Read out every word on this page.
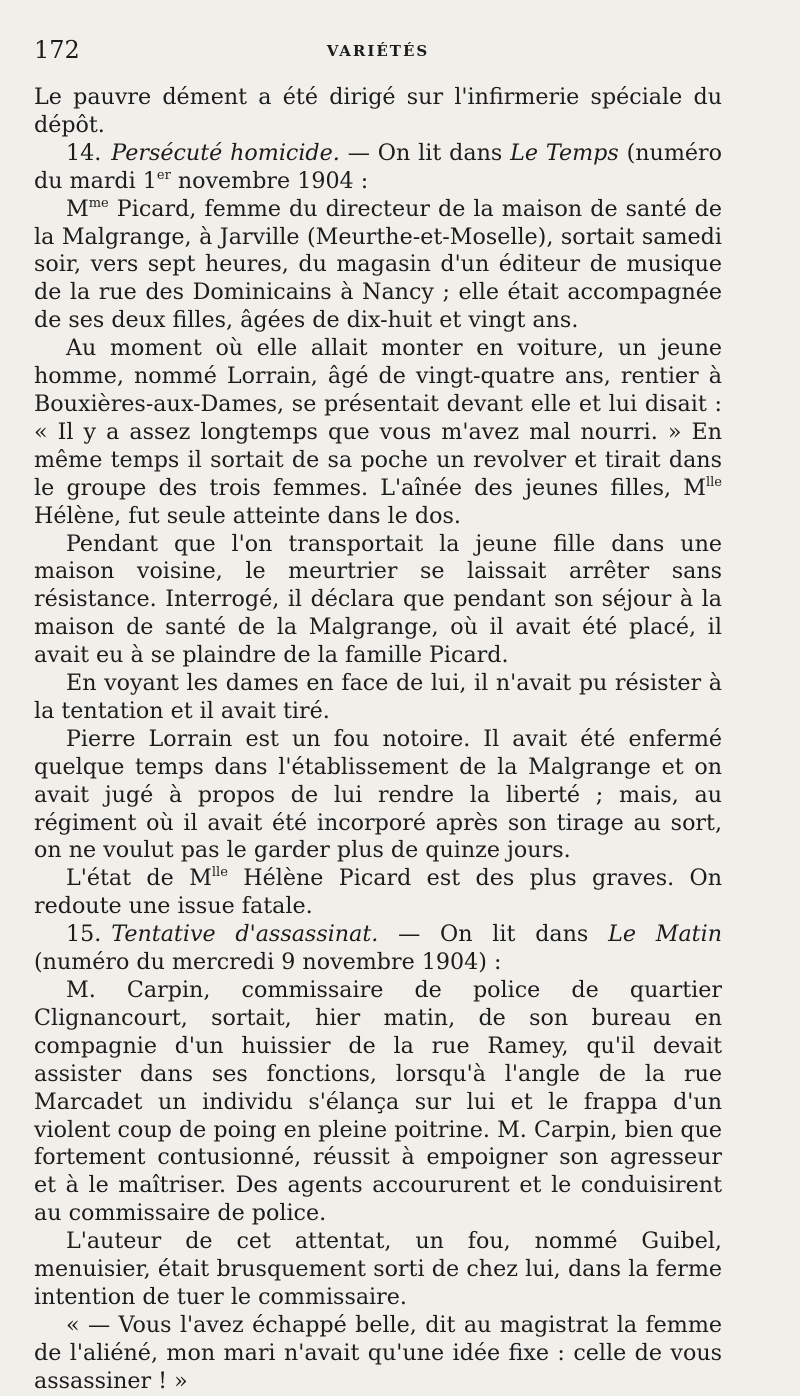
172	VARIÉTÉS

Le pauvre dément a été dirigé sur l'infirmerie spéciale du dépôt.

14. Persécuté homicide. — On lit dans Le Temps (numéro du mardi 1er novembre 1904 :

$M^{me}$ Picard, femme du directeur de la maison de santé de la Malgrange, à Jarville (Meurthe-et-Moselle), sortait samedi soir, vers sept heures, du magasin d'un éditeur de musique de la rue des Dominicains à Nancy ; elle était accompagnée de ses deux filles, âgées de dix-huit et vingt ans.

Au moment où elle allait monter en voiture, un jeune homme, nommé Lorrain, âgé de vingt-quatre ans, rentier à Bouxières-aux-Dames, se présentait devant elle et lui disait : « Il y a assez longtemps que vous m'avez mal nourri. » En même temps il sortait de sa poche un revolver et tirait dans le groupe des trois femmes. L'aînée des jeunes filles, $M^{lle}$ Hélène, fut seule atteinte dans le dos.

Pendant que l'on transportait la jeune fille dans une maison voisine, le meurtrier se laissait arrêter sans résistance. Interrogé, il déclara que pendant son séjour à la maison de santé de la Malgrange, où il avait été placé, il avait eu à se plaindre de la famille Picard.

En voyant les dames en face de lui, il n'avait pu résister à la tentation et il avait tiré.

Pierre Lorrain est un fou notoire. Il avait été enfermé quelque temps dans l'établissement de la Malgrange et on avait jugé à propos de lui rendre la liberté ; mais, au régiment où il avait été incorporé après son tirage au sort, on ne voulut pas le garder plus de quinze jours.

L'état de $M^{lle}$ Hélène Picard est des plus graves. On redoute une issue fatale.

15. Tentative d'assassinat. — On lit dans Le Matin (numéro du mercredi 9 novembre 1904) :

M. Carpin, commissaire de police de quartier Clignancourt, sortait, hier matin, de son bureau en compagnie d'un huissier de la rue Ramey, qu'il devait assister dans ses fonctions, lorsqu'à l'angle de la rue Marcadet un individu s'élança sur lui et le frappa d'un violent coup de poing en pleine poitrine. M. Carpin, bien que fortement contusionné, réussit à empoigner son agresseur et à le maîtriser. Des agents accoururent et le conduisirent au commissaire de police.

L'auteur de cet attentat, un fou, nommé Guibel, menuisier, était brusquement sorti de chez lui, dans la ferme intention de tuer le commissaire.

« — Vous l'avez échappé belle, dit au magistrat la femme de l'aliéné, mon mari n'avait qu'une idée fixe : celle de vous assassiner ! »
